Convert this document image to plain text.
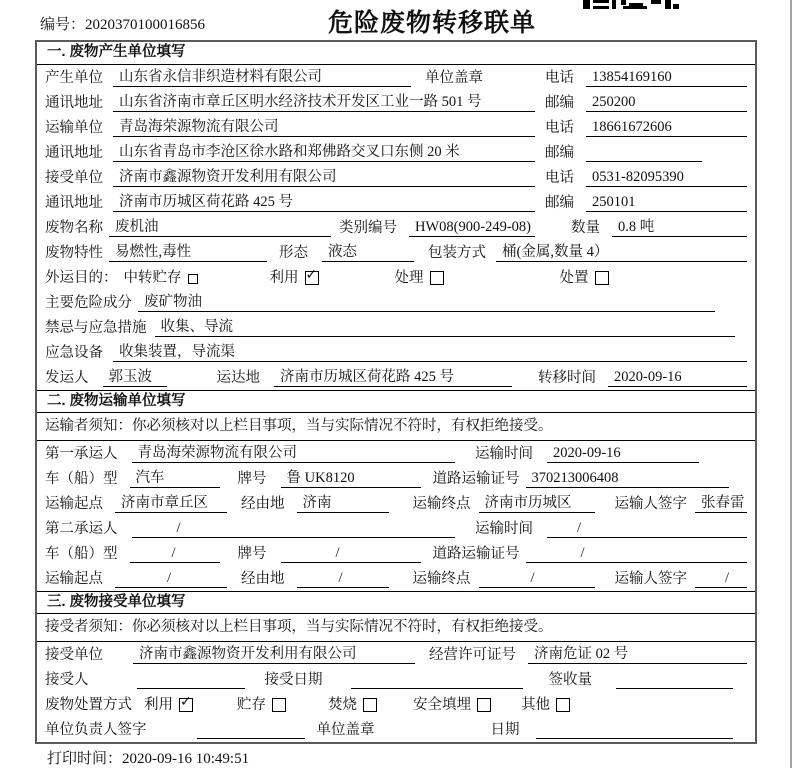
编号：2020370100016856	危险废物转移联单
一. 废物产生单位填写
产生单位	山东省永信非织造材料有限公司	单位盖章	电话	13854169160
通讯地址	山东省济南市章丘区明水经济技术开发区工业一路 501 号	邮编	250200
运输单位	青岛海荣源物流有限公司	电话	18661672606
通讯地址	山东省青岛市李沧区徐水路和郑佛路交叉口东侧 20 米	邮编
接受单位	济南市鑫源物资开发利用有限公司	电话	0531-82095390
通讯地址	济南市历城区荷花路 425 号	邮编	250101
废物名称 废机油	类别编号	HW08(900-249-08)	数量	0.8 吨
废物特性 易燃性,毒性	形态	液态	包装方式	桶(金属,数量 4）
外运目的： 中转贮存	利用 ✓	处理	处置
主要危险成分 废矿物油
禁忌与应急措施 收集、导流
应急设备	收集装置，导流渠
发运人	郭玉波	运达地	济南市历城区荷花路 425 号	转移时间	2020-09-16
二. 废物运输单位填写
运输者须知：你必须核对以上栏目事项，当与实际情况不符时，有权拒绝接受。
第一承运人	青岛海荣源物流有限公司	运输时间	2020-09-16
车（船）型	汽车	牌号	鲁 UK8120	道路运输证号 370213006408
运输起点	济南市章丘区	经由地	济南	运输终点 济南市历城区	运输人签字 张春雷
第二承运人	/	运输时间	/
车（船）型	/	牌号	/	道路运输证号	/
运输起点	/	经由地	/	运输终点	/	运输人签字	/
三. 废物接受单位填写
接受者须知：你必须核对以上栏目事项，当与实际情况不符时，有权拒绝接受。
接受单位	济南市鑫源物资开发利用有限公司	经营许可证号	济南危证 02 号
接受人	接受日期	签收量
废物处置方式 利用 ✓	贮存	焚烧	安全填埋	其他
单位负责人签字	单位盖章	日期
打印时间：2020-09-16 10:49:51
